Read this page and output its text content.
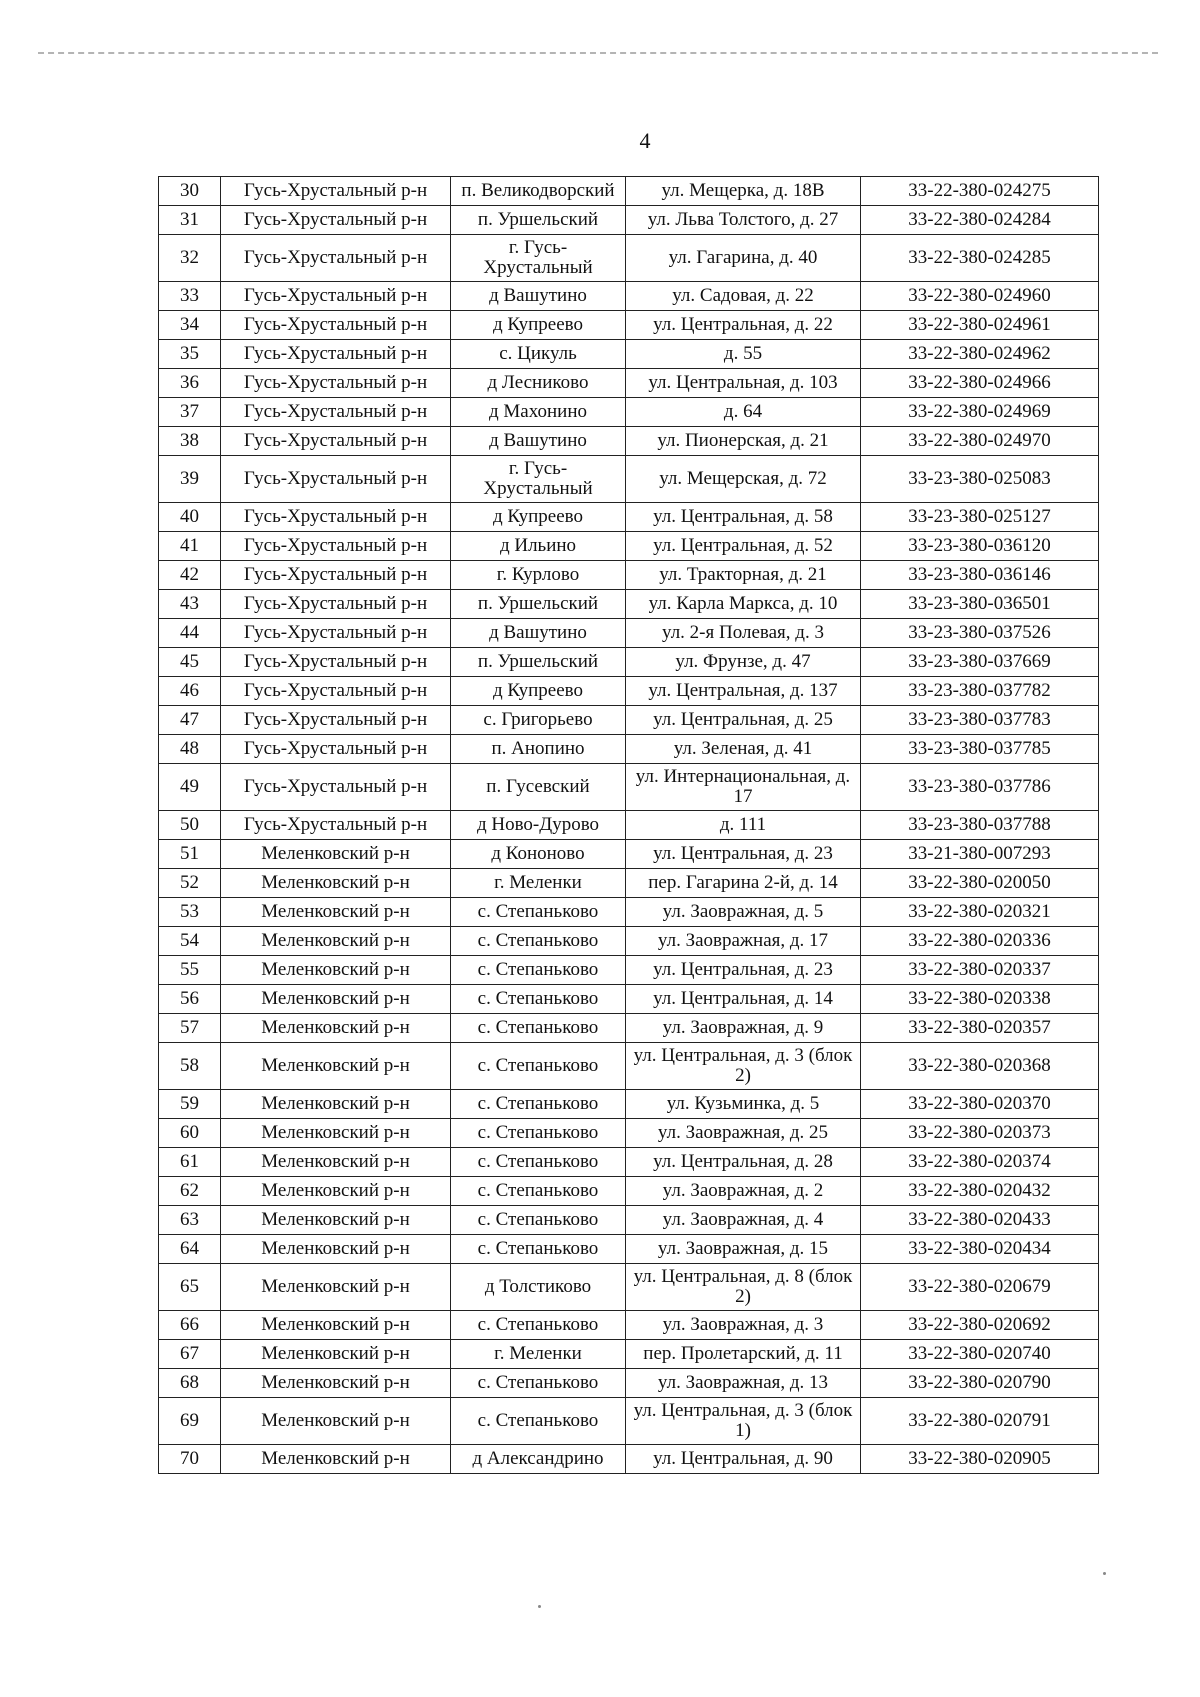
4
30	Гусь-Хрустальный р-н	п. Великодворский	ул. Мещерка, д. 18В	33-22-380-024275
31	Гусь-Хрустальный р-н	п. Уршельский	ул. Льва Толстого, д. 27	33-22-380-024284
32	Гусь-Хрустальный р-н	г. Гусь-Хрустальный	ул. Гагарина, д. 40	33-22-380-024285
33	Гусь-Хрустальный р-н	д Вашутино	ул. Садовая, д. 22	33-22-380-024960
34	Гусь-Хрустальный р-н	д Купреево	ул. Центральная, д. 22	33-22-380-024961
35	Гусь-Хрустальный р-н	с. Цикуль	д. 55	33-22-380-024962
36	Гусь-Хрустальный р-н	д Лесниково	ул. Центральная, д. 103	33-22-380-024966
37	Гусь-Хрустальный р-н	д Махонино	д. 64	33-22-380-024969
38	Гусь-Хрустальный р-н	д Вашутино	ул. Пионерская, д. 21	33-22-380-024970
39	Гусь-Хрустальный р-н	г. Гусь-Хрустальный	ул. Мещерская, д. 72	33-23-380-025083
40	Гусь-Хрустальный р-н	д Купреево	ул. Центральная, д. 58	33-23-380-025127
41	Гусь-Хрустальный р-н	д Ильино	ул. Центральная, д. 52	33-23-380-036120
42	Гусь-Хрустальный р-н	г. Курлово	ул. Тракторная, д. 21	33-23-380-036146
43	Гусь-Хрустальный р-н	п. Уршельский	ул. Карла Маркса, д. 10	33-23-380-036501
44	Гусь-Хрустальный р-н	д Вашутино	ул. 2-я Полевая, д. 3	33-23-380-037526
45	Гусь-Хрустальный р-н	п. Уршельский	ул. Фрунзе, д. 47	33-23-380-037669
46	Гусь-Хрустальный р-н	д Купреево	ул. Центральная, д. 137	33-23-380-037782
47	Гусь-Хрустальный р-н	с. Григорьево	ул. Центральная, д. 25	33-23-380-037783
48	Гусь-Хрустальный р-н	п. Анопино	ул. Зеленая, д. 41	33-23-380-037785
49	Гусь-Хрустальный р-н	п. Гусевский	ул. Интернациональная, д. 17	33-23-380-037786
50	Гусь-Хрустальный р-н	д Ново-Дурово	д. 111	33-23-380-037788
51	Меленковский р-н	д Кононово	ул. Центральная, д. 23	33-21-380-007293
52	Меленковский р-н	г. Меленки	пер. Гагарина 2-й, д. 14	33-22-380-020050
53	Меленковский р-н	с. Степаньково	ул. Заовражная, д. 5	33-22-380-020321
54	Меленковский р-н	с. Степаньково	ул. Заовражная, д. 17	33-22-380-020336
55	Меленковский р-н	с. Степаньково	ул. Центральная, д. 23	33-22-380-020337
56	Меленковский р-н	с. Степаньково	ул. Центральная, д. 14	33-22-380-020338
57	Меленковский р-н	с. Степаньково	ул. Заовражная, д. 9	33-22-380-020357
58	Меленковский р-н	с. Степаньково	ул. Центральная, д. 3 (блок 2)	33-22-380-020368
59	Меленковский р-н	с. Степаньково	ул. Кузьминка, д. 5	33-22-380-020370
60	Меленковский р-н	с. Степаньково	ул. Заовражная, д. 25	33-22-380-020373
61	Меленковский р-н	с. Степаньково	ул. Центральная, д. 28	33-22-380-020374
62	Меленковский р-н	с. Степаньково	ул. Заовражная, д. 2	33-22-380-020432
63	Меленковский р-н	с. Степаньково	ул. Заовражная, д. 4	33-22-380-020433
64	Меленковский р-н	с. Степаньково	ул. Заовражная, д. 15	33-22-380-020434
65	Меленковский р-н	д Толстиково	ул. Центральная, д. 8 (блок 2)	33-22-380-020679
66	Меленковский р-н	с. Степаньково	ул. Заовражная, д. 3	33-22-380-020692
67	Меленковский р-н	г. Меленки	пер. Пролетарский, д. 11	33-22-380-020740
68	Меленковский р-н	с. Степаньково	ул. Заовражная, д. 13	33-22-380-020790
69	Меленковский р-н	с. Степаньково	ул. Центральная, д. 3 (блок 1)	33-22-380-020791
70	Меленковский р-н	д Александрино	ул. Центральная, д. 90	33-22-380-020905
